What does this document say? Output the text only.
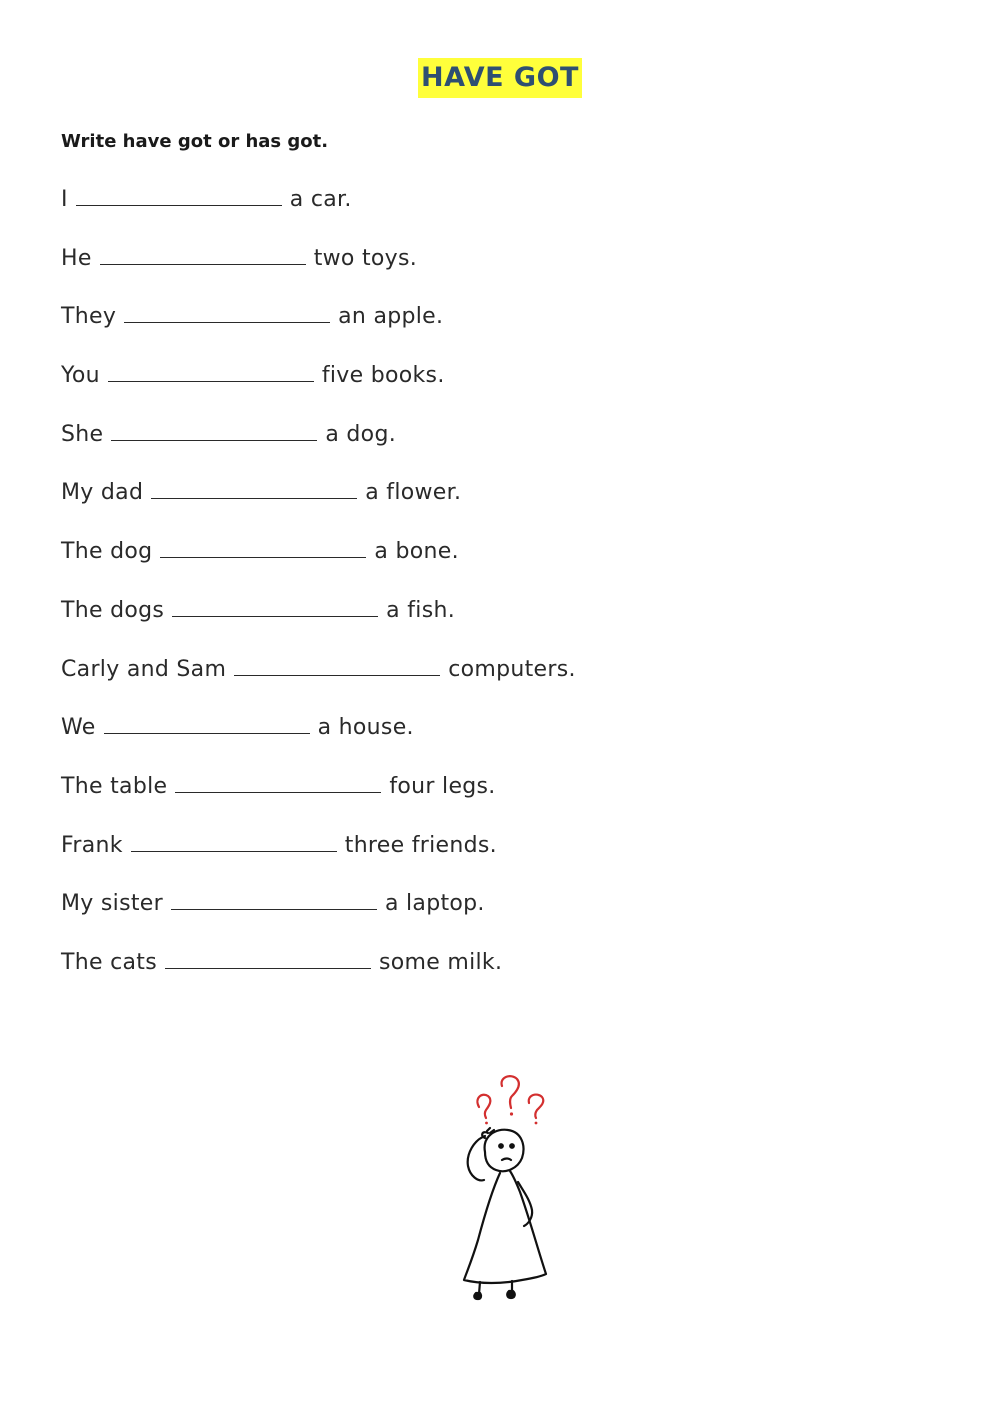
HAVE GOT
Write have got or has got.
I	a car.
He	two toys.
They	an apple.
You	five books.
She	a dog.
My dad	a flower.
The dog	a bone.
The dogs	a fish.
Carly and Sam	computers.
We	a house.
The table	four legs.
Frank	three friends.
My sister	a laptop.
The cats	some milk.
